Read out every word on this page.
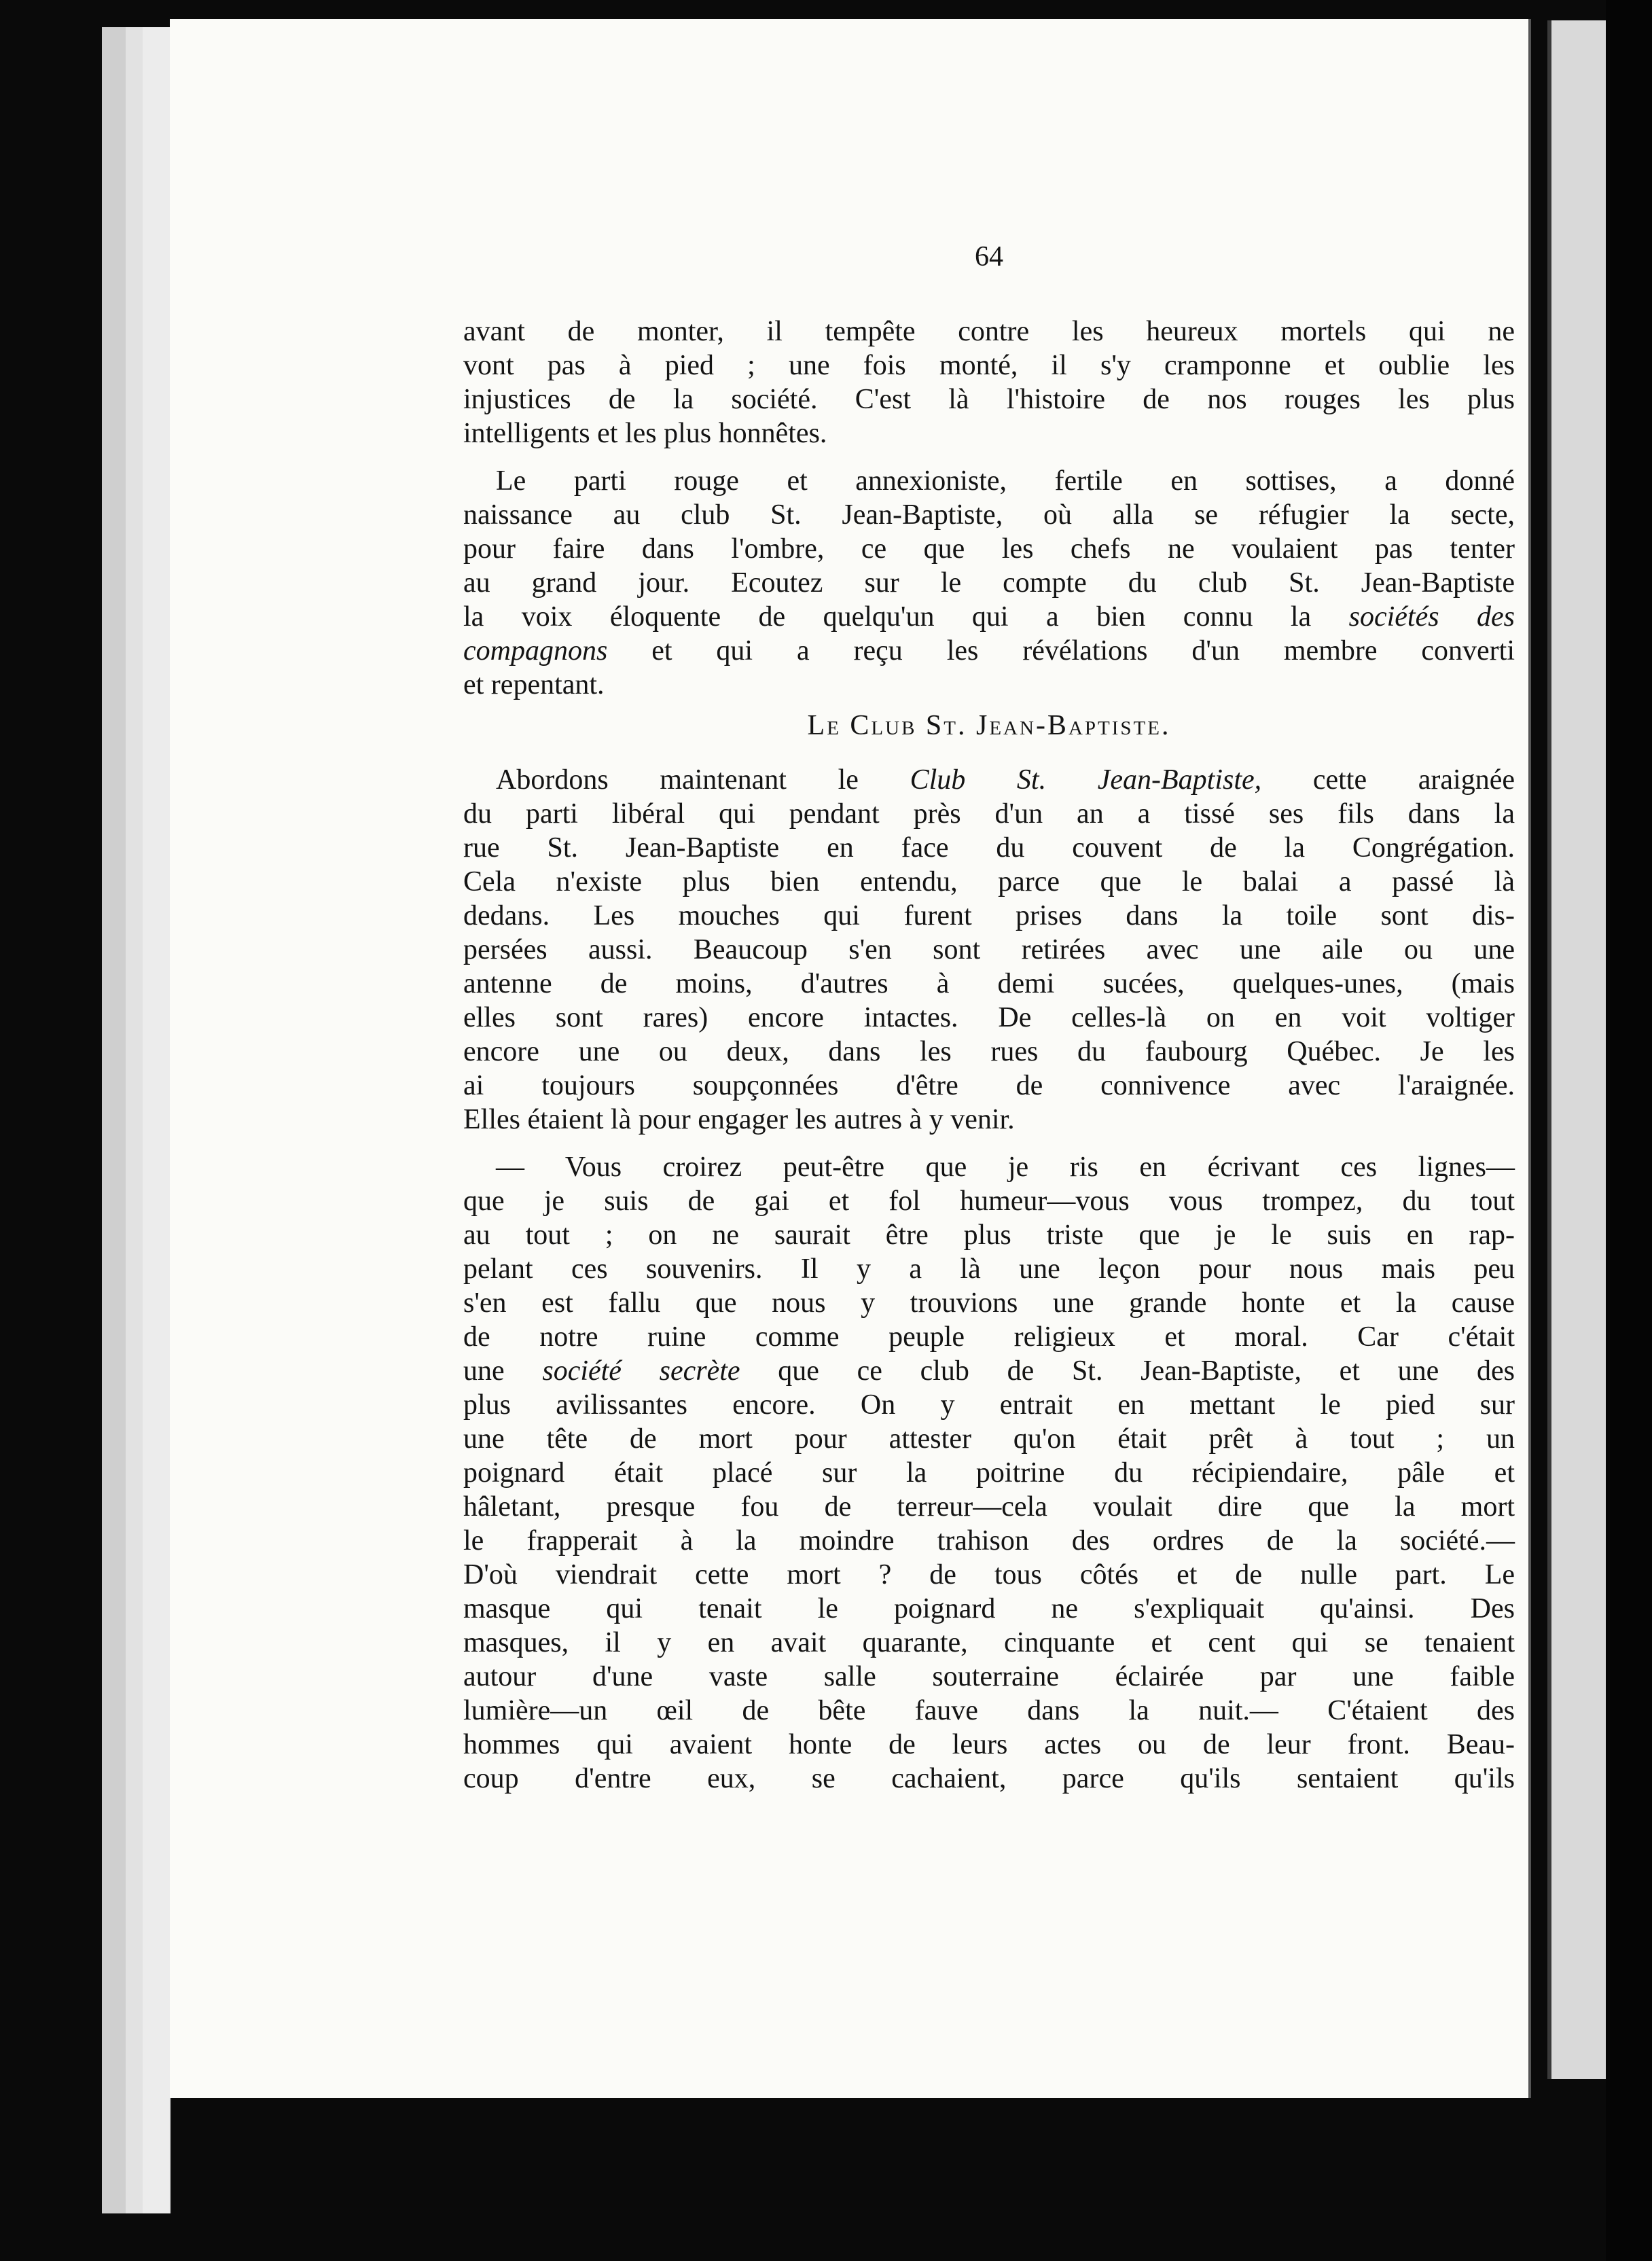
64
avant de monter, il tempête contre les heureux mortels qui ne
vont pas à pied ; une fois monté, il s'y cramponne et oublie les
injustices de la société. C'est là l'histoire de nos rouges les plus
intelligents et les plus honnêtes.
Le parti rouge et annexioniste, fertile en sottises, a donné
naissance au club St. Jean-Baptiste, où alla se réfugier la secte,
pour faire dans l'ombre, ce que les chefs ne voulaient pas tenter
au grand jour. Ecoutez sur le compte du club St. Jean-Baptiste
la voix éloquente de quelqu'un qui a bien connu la sociétés des
compagnons et qui a reçu les révélations d'un membre converti
et repentant.
Le Club St. Jean-Baptiste.
Abordons maintenant le Club St. Jean-Baptiste, cette araignée
du parti libéral qui pendant près d'un an a tissé ses fils dans la
rue St. Jean-Baptiste en face du couvent de la Congrégation.
Cela n'existe plus bien entendu, parce que le balai a passé là
dedans. Les mouches qui furent prises dans la toile sont dis-
persées aussi. Beaucoup s'en sont retirées avec une aile ou une
antenne de moins, d'autres à demi sucées, quelques-unes, (mais
elles sont rares) encore intactes. De celles-là on en voit voltiger
encore une ou deux, dans les rues du faubourg Québec. Je les
ai toujours soupçonnées d'être de connivence avec l'araignée.
Elles étaient là pour engager les autres à y venir.
— Vous croirez peut-être que je ris en écrivant ces lignes—
que je suis de gai et fol humeur—vous vous trompez, du tout
au tout ; on ne saurait être plus triste que je le suis en rap-
pelant ces souvenirs. Il y a là une leçon pour nous mais peu
s'en est fallu que nous y trouvions une grande honte et la cause
de notre ruine comme peuple religieux et moral. Car c'était
une société secrète que ce club de St. Jean-Baptiste, et une des
plus avilissantes encore. On y entrait en mettant le pied sur
une tête de mort pour attester qu'on était prêt à tout ; un
poignard était placé sur la poitrine du récipiendaire, pâle et
hâletant, presque fou de terreur—cela voulait dire que la mort
le frapperait à la moindre trahison des ordres de la société.—
D'où viendrait cette mort ? de tous côtés et de nulle part. Le
masque qui tenait le poignard ne s'expliquait qu'ainsi. Des
masques, il y en avait quarante, cinquante et cent qui se tenaient
autour d'une vaste salle souterraine éclairée par une faible
lumière—un œil de bête fauve dans la nuit.— C'étaient des
hommes qui avaient honte de leurs actes ou de leur front. Beau-
coup d'entre eux, se cachaient, parce qu'ils sentaient qu'ils
